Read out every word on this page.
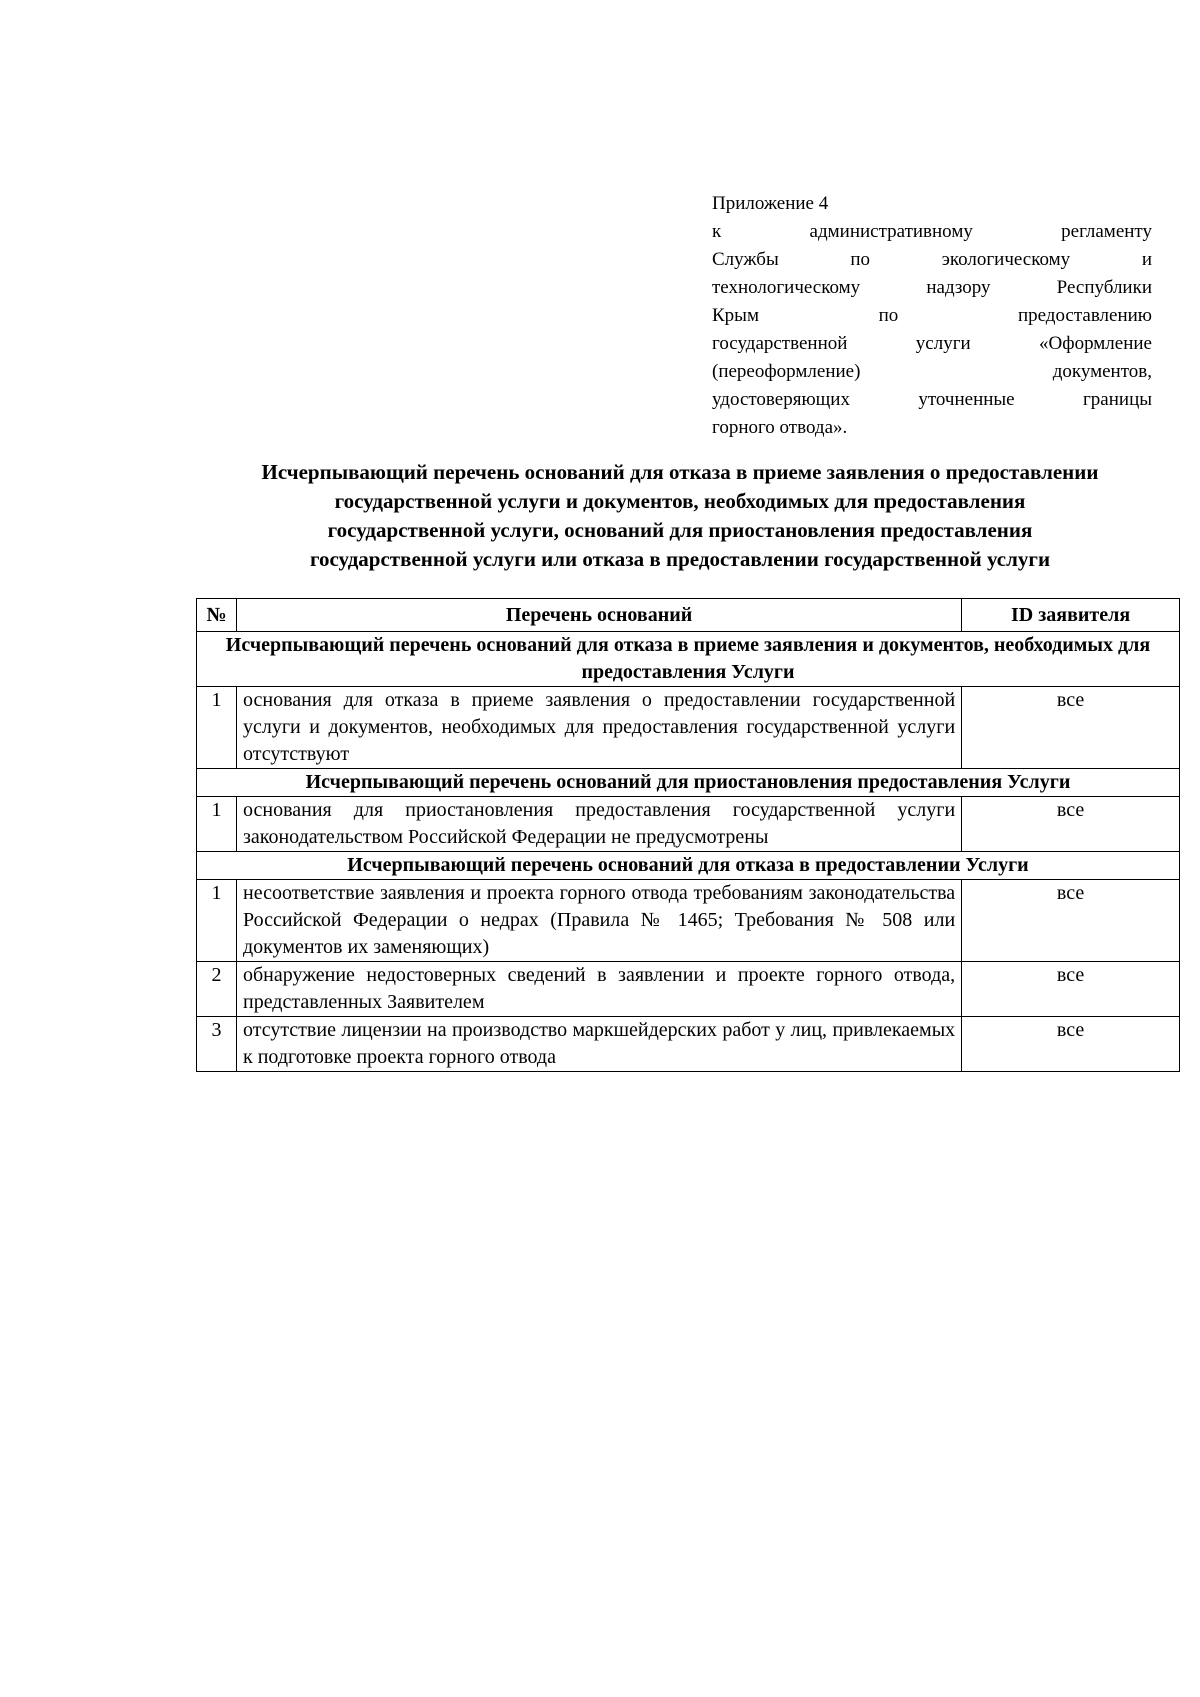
Приложение 4
к административному регламенту
Службы по экологическому и
технологическому надзору Республики
Крым по предоставлению
государственной услуги «Оформление
(переоформление) документов,
удостоверяющих уточненные границы
горного отвода».
Исчерпывающий перечень оснований для отказа в приеме заявления о предоставлении
государственной услуги и документов, необходимых для предоставления
государственной услуги, оснований для приостановления предоставления
государственной услуги или отказа в предоставлении государственной услуги
№	Перечень оснований	ID заявителя
Исчерпывающий перечень оснований для отказа в приеме заявления и документов, необходимых для предоставления Услуги		
1	основания для отказа в приеме заявления о предоставлении государственной услуги и документов, необходимых для предоставления государственной услуги отсутствуют	все
Исчерпывающий перечень оснований для приостановления предоставления Услуги		
1	основания для приостановления предоставления государственной услуги законодательством Российской Федерации не предусмотрены	все
Исчерпывающий перечень оснований для отказа в предоставлении Услуги		
1	несоответствие заявления и проекта горного отвода требованиям законодательства Российской Федерации о недрах (Правила № 1465; Требования № 508 или документов их заменяющих)	все
2	обнаружение недостоверных сведений в заявлении и проекте горного отвода, представленных Заявителем	все
3	отсутствие лицензии на производство маркшейдерских работ у лиц, привлекаемых к подготовке проекта горного отвода	все
